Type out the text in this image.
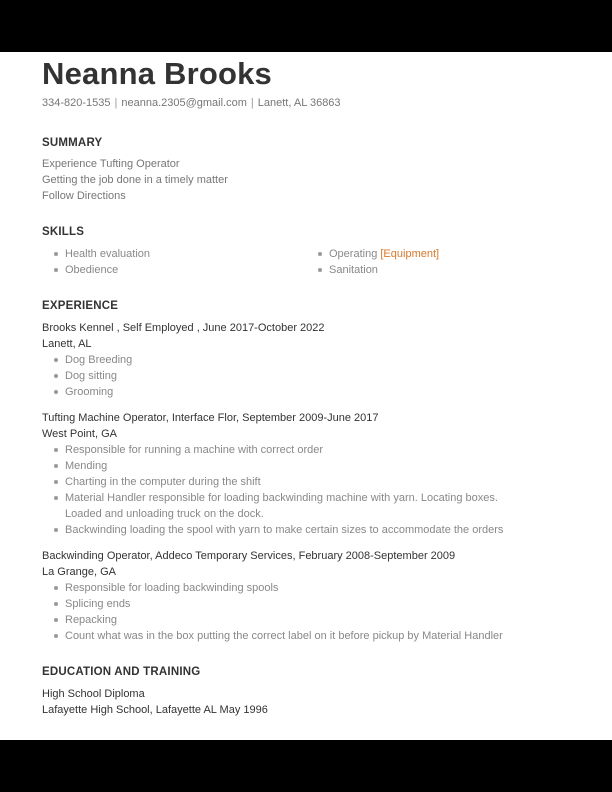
Neanna Brooks
334-820-1535 | neanna.2305@gmail.com | Lanett, AL 36863
SUMMARY
Experience Tufting Operator
Getting the job done in a timely matter
Follow Directions
SKILLS
Health evaluation
Obedience
Operating [Equipment]
Sanitation
EXPERIENCE
Brooks Kennel , Self Employed , June 2017-October 2022
Lanett, AL
Dog Breeding
Dog sitting
Grooming
Tufting Machine Operator, Interface Flor, September 2009-June 2017
West Point, GA
Responsible for running a machine with correct order
Mending
Charting in the computer during the shift
Material Handler responsible for loading backwinding machine with yarn. Locating boxes.
Loaded and unloading truck on the dock.
Backwinding loading the spool with yarn to make certain sizes to accommodate the orders
Backwinding Operator, Addeco Temporary Services, February 2008-September 2009
La Grange, GA
Responsible for loading backwinding spools
Splicing ends
Repacking
Count what was in the box putting the correct label on it before pickup by Material Handler
EDUCATION AND TRAINING
High School Diploma
Lafayette High School, Lafayette AL May 1996
